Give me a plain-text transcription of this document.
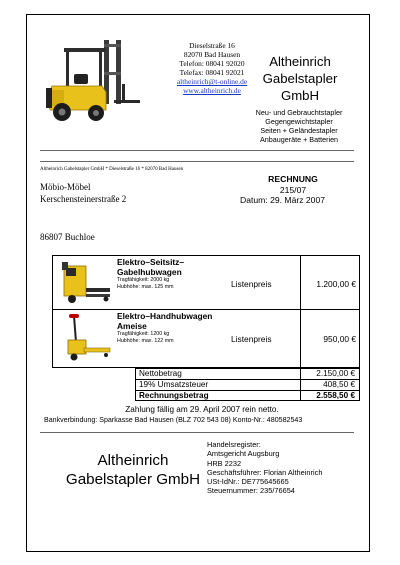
Dieselstraße 16
82070 Bad Hausen
Telefon: 08041 92020
Telefax: 08041 92021
altheinrich@t-online.de
www.altheinrich.de
Altheinrich
Gabelstapler
GmbH
Neu- und Gebrauchtstapler
Gegengewichtstapler
Seiten + Geländestapler
Anbaugeräte + Batterien
Altheinrich Gabelstapler GmbH * Dieselstraße 16 * 82070 Bad Hausen
Möbio-Möbel
Kerschensteinerstraße 2
86807 Buchloe
RECHNUNG
215/07
Datum: 29. März 2007
Elektro–Seitsitz–
Gabelhubwagen
Tragfähigkeit: 2000 kg
Hubhöhe: max. 125 mm	Listenpreis	1.200,00 €
Elektro–Handhubwagen
Ameise
Tragfähigkeit: 1200 kg
Hubhöhe: max. 122 mm	Listenpreis	950,00 €
Nettobetrag	2.150,00 €
19% Umsatzsteuer	408,50 €
Rechnungsbetrag	2.558,50 €
Zahlung fällig am 29. April 2007 rein netto.
Bankverbindung: Sparkasse Bad Hausen (BLZ 702 543 08) Konto-Nr.: 480582543
Altheinrich
Gabelstapler GmbH
Handelsregister:
Amtsgericht Augsburg
HRB 2232
Geschäftsführer: Florian Altheinrich
USt-IdNr.: DE775645665
Steuernummer: 235/76654
